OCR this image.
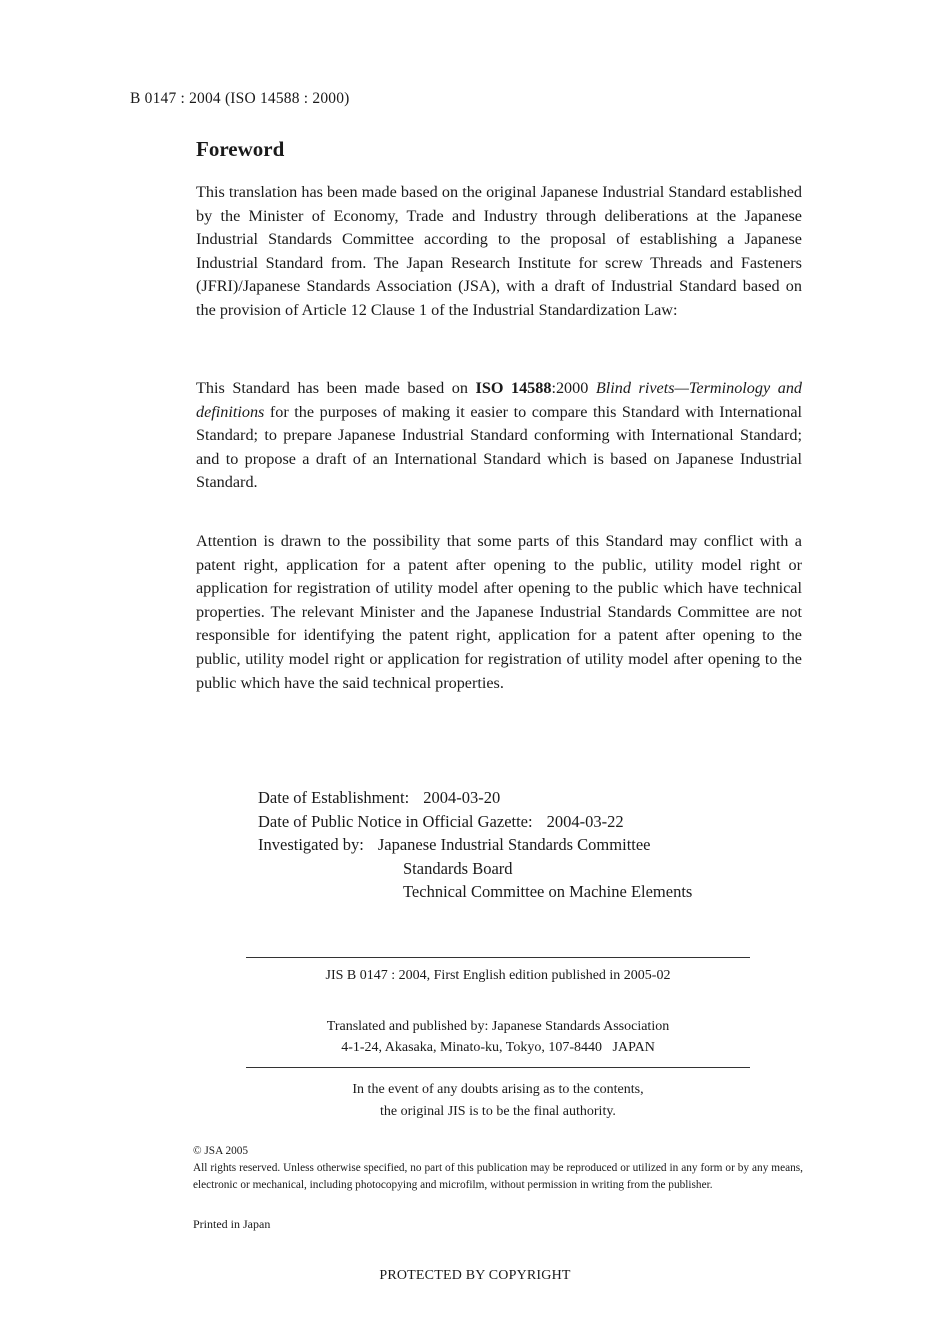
B 0147 : 2004 (ISO 14588 : 2000)
Foreword
This translation has been made based on the original Japanese Industrial Standard established by the Minister of Economy, Trade and Industry through deliberations at the Japanese Industrial Standards Committee according to the proposal of establishing a Japanese Industrial Standard from. The Japan Research Institute for screw Threads and Fasteners (JFRI)/Japanese Standards Association (JSA), with a draft of Industrial Standard based on the provision of Article 12 Clause 1 of the Industrial Standardization Law:
This Standard has been made based on ISO 14588:2000 Blind rivets—Terminology and definitions for the purposes of making it easier to compare this Standard with International Standard; to prepare Japanese Industrial Standard conforming with International Standard; and to propose a draft of an International Standard which is based on Japanese Industrial Standard.
Attention is drawn to the possibility that some parts of this Standard may conflict with a patent right, application for a patent after opening to the public, utility model right or application for registration of utility model after opening to the public which have technical properties. The relevant Minister and the Japanese Industrial Standards Committee are not responsible for identifying the patent right, application for a patent after opening to the public, utility model right or application for registration of utility model after opening to the public which have the said technical properties.
Date of Establishment: 2004-03-20
Date of Public Notice in Official Gazette: 2004-03-22
Investigated by: Japanese Industrial Standards Committee
Standards Board
Technical Committee on Machine Elements
JIS B 0147 : 2004, First English edition published in 2005-02
Translated and published by: Japanese Standards Association
4-1-24, Akasaka, Minato-ku, Tokyo, 107-8440   JAPAN
In the event of any doubts arising as to the contents,
the original JIS is to be the final authority.
© JSA 2005
All rights reserved. Unless otherwise specified, no part of this publication may be reproduced or utilized in any form or by any means, electronic or mechanical, including photocopying and microfilm, without permission in writing from the publisher.
Printed in Japan
PROTECTED BY COPYRIGHT
